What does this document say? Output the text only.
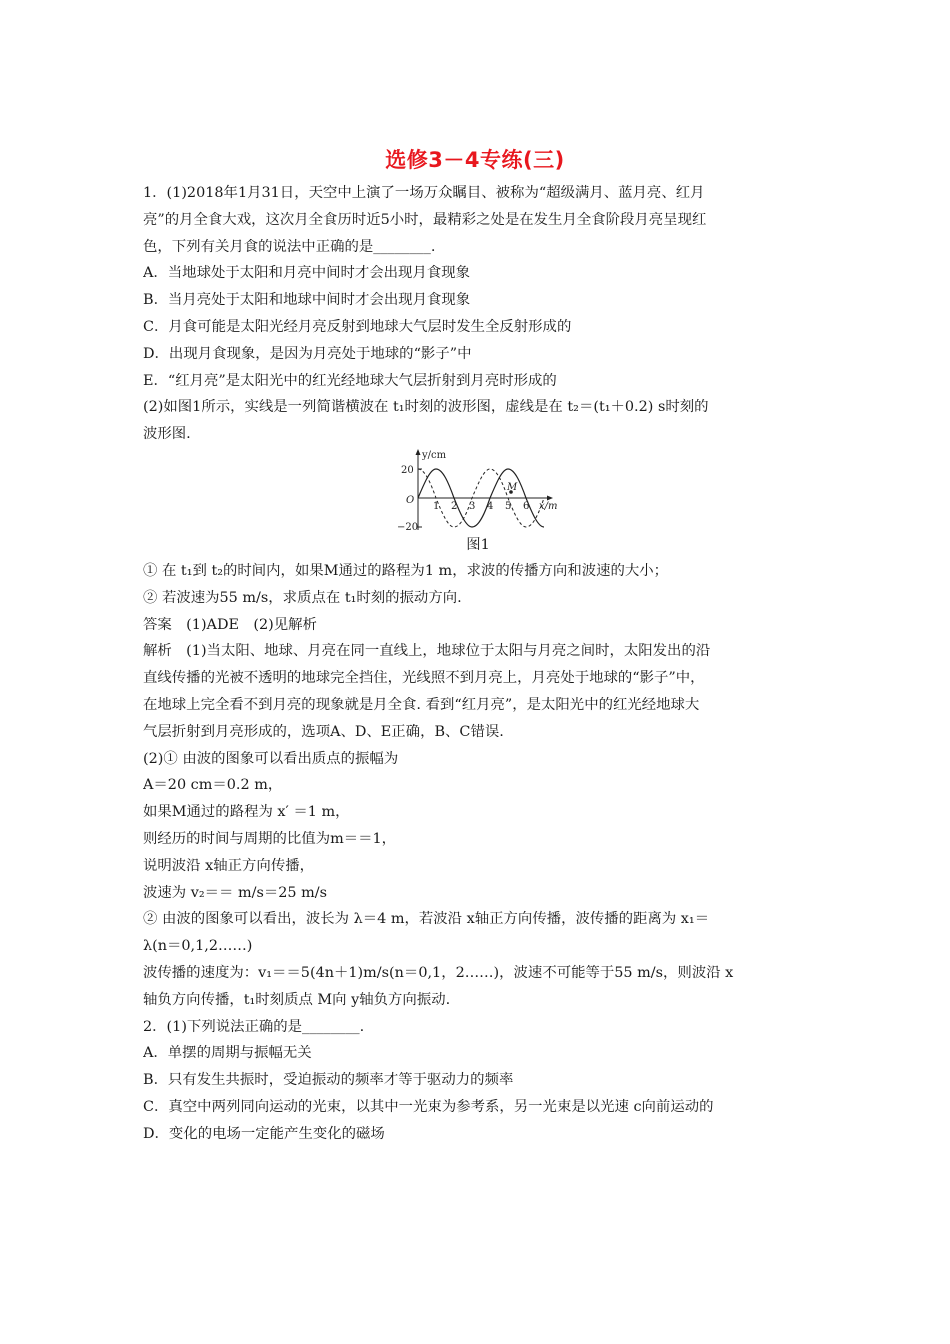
选修3－4专练(三)
1．(1)2018年1月31日，天空中上演了一场万众瞩目、被称为“超级满月、蓝月亮、红月
亮”的月全食大戏，这次月全食历时近5小时，最精彩之处是在发生月全食阶段月亮呈现红
色，下列有关月食的说法中正确的是________.
A．当地球处于太阳和月亮中间时才会出现月食现象
B．当月亮处于太阳和地球中间时才会出现月食现象
C．月食可能是太阳光经月亮反射到地球大气层时发生全反射形成的
D．出现月食现象，是因为月亮处于地球的“影子”中
E．“红月亮”是太阳光中的红光经地球大气层折射到月亮时形成的
(2)如图1所示，实线是一列简谐横波在 t₁时刻的波形图，虚线是在 t₂＝(t₁＋0.2) s时刻的
波形图.
y/cm
x/m
O
20
−20
1 2 3 4 5 6
M
图1
① 在 t₁到 t₂的时间内，如果M通过的路程为1 m，求波的传播方向和波速的大小；
② 若波速为55 m/s，求质点在 t₁时刻的振动方向.
答案　(1)ADE　(2)见解析
解析　(1)当太阳、地球、月亮在同一直线上，地球位于太阳与月亮之间时，太阳发出的沿
直线传播的光被不透明的地球完全挡住，光线照不到月亮上，月亮处于地球的“影子”中，
在地球上完全看不到月亮的现象就是月全食. 看到“红月亮”，是太阳光中的红光经地球大
气层折射到月亮形成的，选项A、D、E正确，B、C错误.
(2)① 由波的图象可以看出质点的振幅为
A＝20 cm＝0.2 m，
如果M通过的路程为 x′ ＝1 m，
则经历的时间与周期的比值为m＝＝1，
说明波沿 x轴正方向传播，
波速为 v₂＝＝ m/s＝25 m/s
② 由波的图象可以看出，波长为 λ＝4 m，若波沿 x轴正方向传播，波传播的距离为 x₁＝
λ(n＝0,1,2……)
波传播的速度为：v₁＝＝5(4n＋1)m/s(n＝0,1，2……)，波速不可能等于55 m/s，则波沿 x
轴负方向传播，t₁时刻质点 M向 y轴负方向振动.
2．(1)下列说法正确的是________.
A．单摆的周期与振幅无关
B．只有发生共振时，受迫振动的频率才等于驱动力的频率
C．真空中两列同向运动的光束，以其中一光束为参考系，另一光束是以光速 c向前运动的
D．变化的电场一定能产生变化的磁场
